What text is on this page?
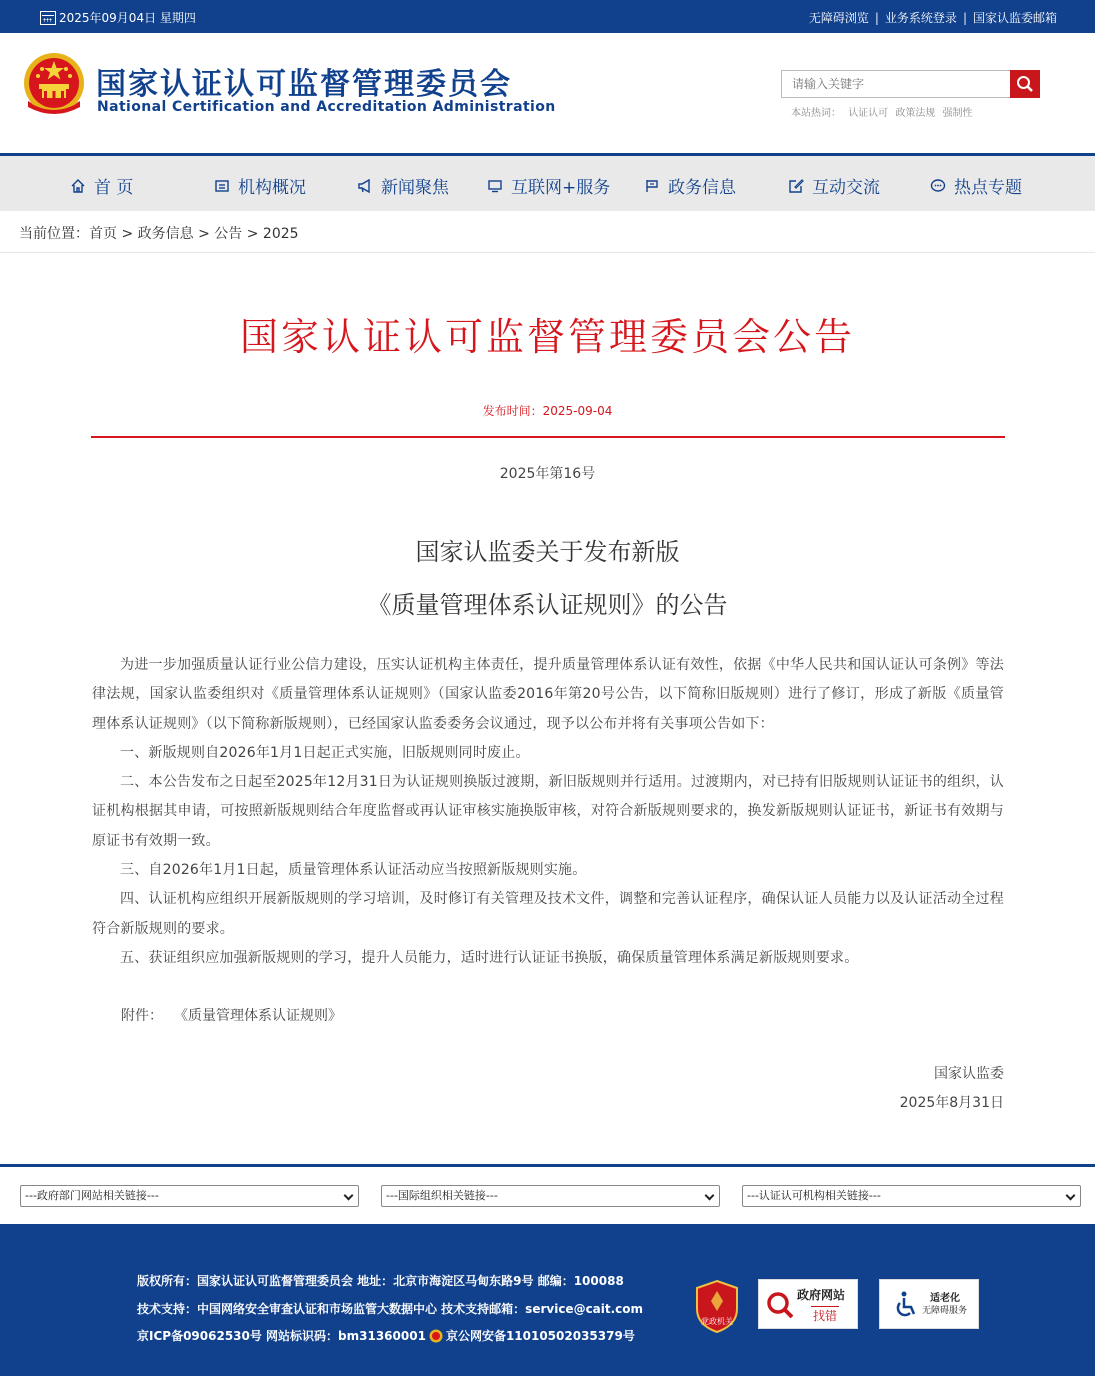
2025年09月04日 星期四	无障碍浏览 | 业务系统登录 | 国家认监委邮箱
国家认证认可监督管理委员会
National Certification and Accreditation Administration
请输入关键字	本站热词： 认证认可 政策法规 强制性
首 页	机构概况	新闻聚焦	互联网+服务	政务信息	互动交流	热点专题
当前位置：首页 > 政务信息 > 公告 > 2025
国家认证认可监督管理委员会公告
发布时间：2025-09-04
2025年第16号
国家认监委关于发布新版
《质量管理体系认证规则》的公告

为进一步加强质量认证行业公信力建设，压实认证机构主体责任，提升质量管理体系认证有效性，依据《中华人民共和国认证认可条例》等法律法规，国家认监委组织对《质量管理体系认证规则》（国家认监委2016年第20号公告，以下简称旧版规则）进行了修订，形成了新版《质量管理体系认证规则》（以下简称新版规则），已经国家认监委委务会议通过，现予以公布并将有关事项公告如下：

一、新版规则自2026年1月1日起正式实施，旧版规则同时废止。

二、本公告发布之日起至2025年12月31日为认证规则换版过渡期，新旧版规则并行适用。过渡期内，对已持有旧版规则认证证书的组织，认证机构根据其申请，可按照新版规则结合年度监督或再认证审核实施换版审核，对符合新版规则要求的，换发新版规则认证证书，新证书有效期与原证书有效期一致。

三、自2026年1月1日起，质量管理体系认证活动应当按照新版规则实施。

四、认证机构应组织开展新版规则的学习培训，及时修订有关管理及技术文件，调整和完善认证程序，确保认证人员能力以及认证活动全过程符合新版规则的要求。

五、获证组织应加强新版规则的学习，提升人员能力，适时进行认证证书换版，确保质量管理体系满足新版规则要求。

附件： 《质量管理体系认证规则》
国家认监委
2025年8月31日
---政府部门网站相关链接---	---国际组织相关链接---	---认证认可机构相关链接---
版权所有：国家认证认可监督管理委员会 地址：北京市海淀区马甸东路9号 邮编：100088
技术支持：中国网络安全审查认证和市场监管大数据中心 技术支持邮箱：service@cait.com
京ICP备09062530号 网站标识码：bm31360001 京公网安备11010502035379号
党政机关
政府网站
找错
适老化
无障碍服务
